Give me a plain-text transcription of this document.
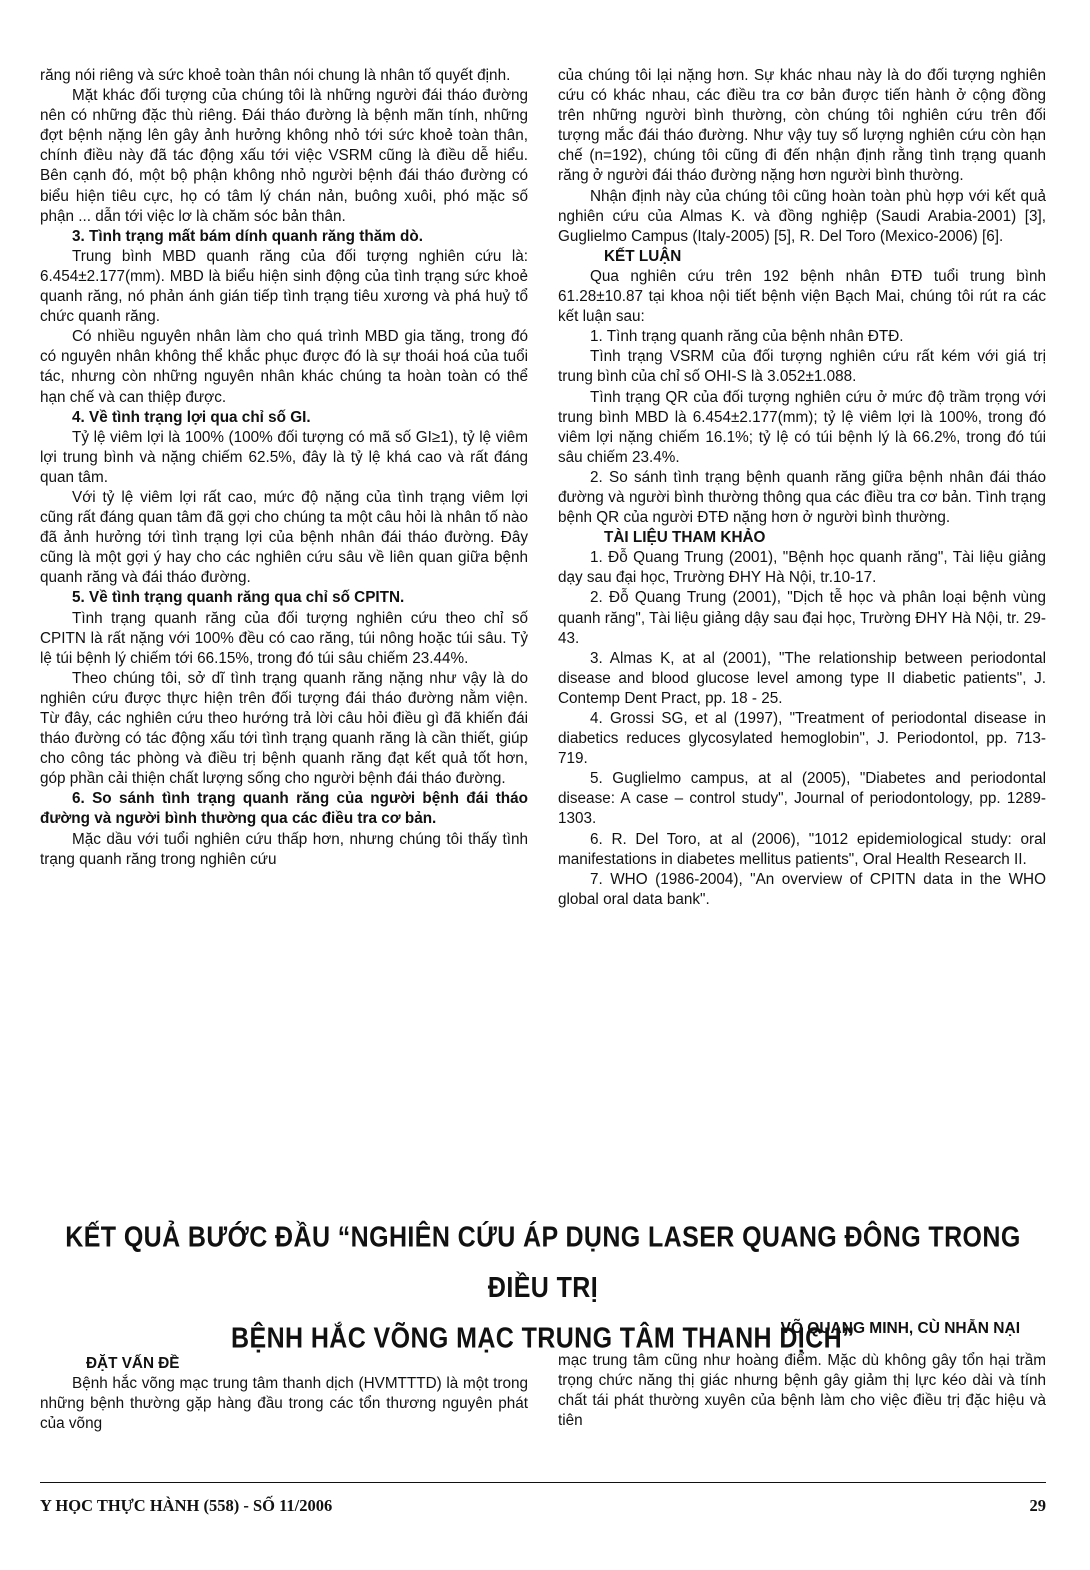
răng nói riêng và sức khoẻ toàn thân nói chung là nhân tố quyết định.

Mặt khác đối tượng của chúng tôi là những người đái tháo đường nên có những đặc thù riêng. Đái tháo đường là bệnh mãn tính, những đợt bệnh nặng lên gây ảnh hưởng không nhỏ tới sức khoẻ toàn thân, chính điều này đã tác động xấu tới việc VSRM cũng là điều dễ hiểu. Bên cạnh đó, một bộ phận không nhỏ người bệnh đái tháo đường có biểu hiện tiêu cực, họ có tâm lý chán nản, buông xuôi, phó mặc số phận ... dẫn tới việc lơ là chăm sóc bản thân.

3. Tình trạng mất bám dính quanh răng thăm dò.

Trung bình MBD quanh răng của đối tượng nghiên cứu là: 6.454±2.177(mm). MBD là biểu hiện sinh động của tình trạng sức khoẻ quanh răng, nó phản ánh gián tiếp tình trạng tiêu xương và phá huỷ tổ chức quanh răng.

Có nhiều nguyên nhân làm cho quá trình MBD gia tăng, trong đó có nguyên nhân không thể khắc phục được đó là sự thoái hoá của tuổi tác, nhưng còn những nguyên nhân khác chúng ta hoàn toàn có thể hạn chế và can thiệp được.

4. Về tình trạng lợi qua chỉ số GI.

Tỷ lệ viêm lợi là 100% (100% đối tượng có mã số GI≥1), tỷ lệ viêm lợi trung bình và nặng chiếm 62.5%, đây là tỷ lệ khá cao và rất đáng quan tâm.

Với tỷ lệ viêm lợi rất cao, mức độ nặng của tình trạng viêm lợi cũng rất đáng quan tâm đã gợi cho chúng ta một câu hỏi là nhân tố nào đã ảnh hưởng tới tình trạng lợi của bệnh nhân đái tháo đường. Đây cũng là một gợi ý hay cho các nghiên cứu sâu về liên quan giữa bệnh quanh răng và đái tháo đường.

5. Về tình trạng quanh răng qua chỉ số CPITN.

Tình trạng quanh răng của đối tượng nghiên cứu theo chỉ số CPITN là rất nặng với 100% đều có cao răng, túi nông hoặc túi sâu. Tỷ lệ túi bệnh lý chiếm tới 66.15%, trong đó túi sâu chiếm 23.44%.

Theo chúng tôi, sở dĩ tình trạng quanh răng nặng như vậy là do nghiên cứu được thực hiện trên đối tượng đái tháo đường nằm viện. Từ đây, các nghiên cứu theo hướng trả lời câu hỏi điều gì đã khiến đái tháo đường có tác động xấu tới tình trạng quanh răng là cần thiết, giúp cho công tác phòng và điều trị bệnh quanh răng đạt kết quả tốt hơn, góp phần cải thiện chất lượng sống cho người bệnh đái tháo đường.

6. So sánh tình trạng quanh răng của người bệnh đái tháo đường và người bình thường qua các điều tra cơ bản.

Mặc dầu với tuổi nghiên cứu thấp hơn, nhưng chúng tôi thấy tình trạng quanh răng trong nghiên cứu

của chúng tôi lại nặng hơn. Sự khác nhau này là do đối tượng nghiên cứu có khác nhau, các điều tra cơ bản được tiến hành ở cộng đồng trên những người bình thường, còn chúng tôi nghiên cứu trên đối tượng mắc đái tháo đường. Như vậy tuy số lượng nghiên cứu còn hạn chế (n=192), chúng tôi cũng đi đến nhận định rằng tình trạng quanh răng ở người đái tháo đường nặng hơn người bình thường.

Nhận định này của chúng tôi cũng hoàn toàn phù hợp với kết quả nghiên cứu của Almas K. và đồng nghiệp (Saudi Arabia-2001) [3], Guglielmo Campus (Italy-2005) [5], R. Del Toro (Mexico-2006) [6].

KẾT LUẬN

Qua nghiên cứu trên 192 bệnh nhân ĐTĐ tuổi trung bình 61.28±10.87 tại khoa nội tiết bệnh viện Bạch Mai, chúng tôi rút ra các kết luận sau:

1. Tình trạng quanh răng của bệnh nhân ĐTĐ.

Tình trạng VSRM của đối tượng nghiên cứu rất kém với giá trị trung bình của chỉ số OHI-S là 3.052±1.088.

Tình trạng QR của đối tượng nghiên cứu ở mức độ trầm trọng với trung bình MBD là 6.454±2.177(mm); tỷ lệ viêm lợi là 100%, trong đó viêm lợi nặng chiếm 16.1%; tỷ lệ có túi bệnh lý là 66.2%, trong đó túi sâu chiếm 23.4%.

2. So sánh tình trạng bệnh quanh răng giữa bệnh nhân đái tháo đường và người bình thường thông qua các điều tra cơ bản. Tình trạng bệnh QR của người ĐTĐ nặng hơn ở người bình thường.

TÀI LIỆU THAM KHẢO

1. Đỗ Quang Trung (2001), "Bệnh học quanh răng", Tài liệu giảng dạy sau đại học, Trường ĐHY Hà Nội, tr.10-17.

2. Đỗ Quang Trung (2001), "Dịch tễ học và phân loại bệnh vùng quanh răng", Tài liệu giảng dậy sau đại học, Trường ĐHY Hà Nội, tr. 29-43.

3. Almas K, at al (2001), "The relationship between periodontal disease and blood glucose level among type II diabetic patients", J. Contemp Dent Pract, pp. 18 - 25.

4. Grossi SG, et al (1997), "Treatment of periodontal disease in diabetics reduces glycosylated hemoglobin", J. Periodontol, pp. 713-719.

5. Guglielmo campus, at al (2005), "Diabetes and periodontal disease: A case – control study", Journal of periodontology, pp. 1289-1303.

6. R. Del Toro, at al (2006), "1012 epidemiological study: oral manifestations in diabetes mellitus patients", Oral Health Research II.

7. WHO (1986-2004), "An overview of CPITN data in the WHO global oral data bank".

KẾT QUẢ BƯỚC ĐẦU “NGHIÊN CỨU ÁP DỤNG LASER QUANG ĐÔNG TRONG ĐIỀU TRỊ
BỆNH HẮC VÕNG MẠC TRUNG TÂM THANH DỊCH”
VÕ QUANG MINH, CÙ NHẪN NẠI

ĐẶT VẤN ĐỀ

Bệnh hắc võng mạc trung tâm thanh dịch (HVMTTTD) là một trong những bệnh thường gặp hàng đầu trong các tổn thương nguyên phát của võng

mạc trung tâm cũng như hoàng điểm. Mặc dù không gây tổn hại trầm trọng chức năng thị giác nhưng bệnh gây giảm thị lực kéo dài và tính chất tái phát thường xuyên của bệnh làm cho việc điều trị đặc hiệu và tiên

Y HỌC THỰC HÀNH (558) - SỐ 11/2006	29
